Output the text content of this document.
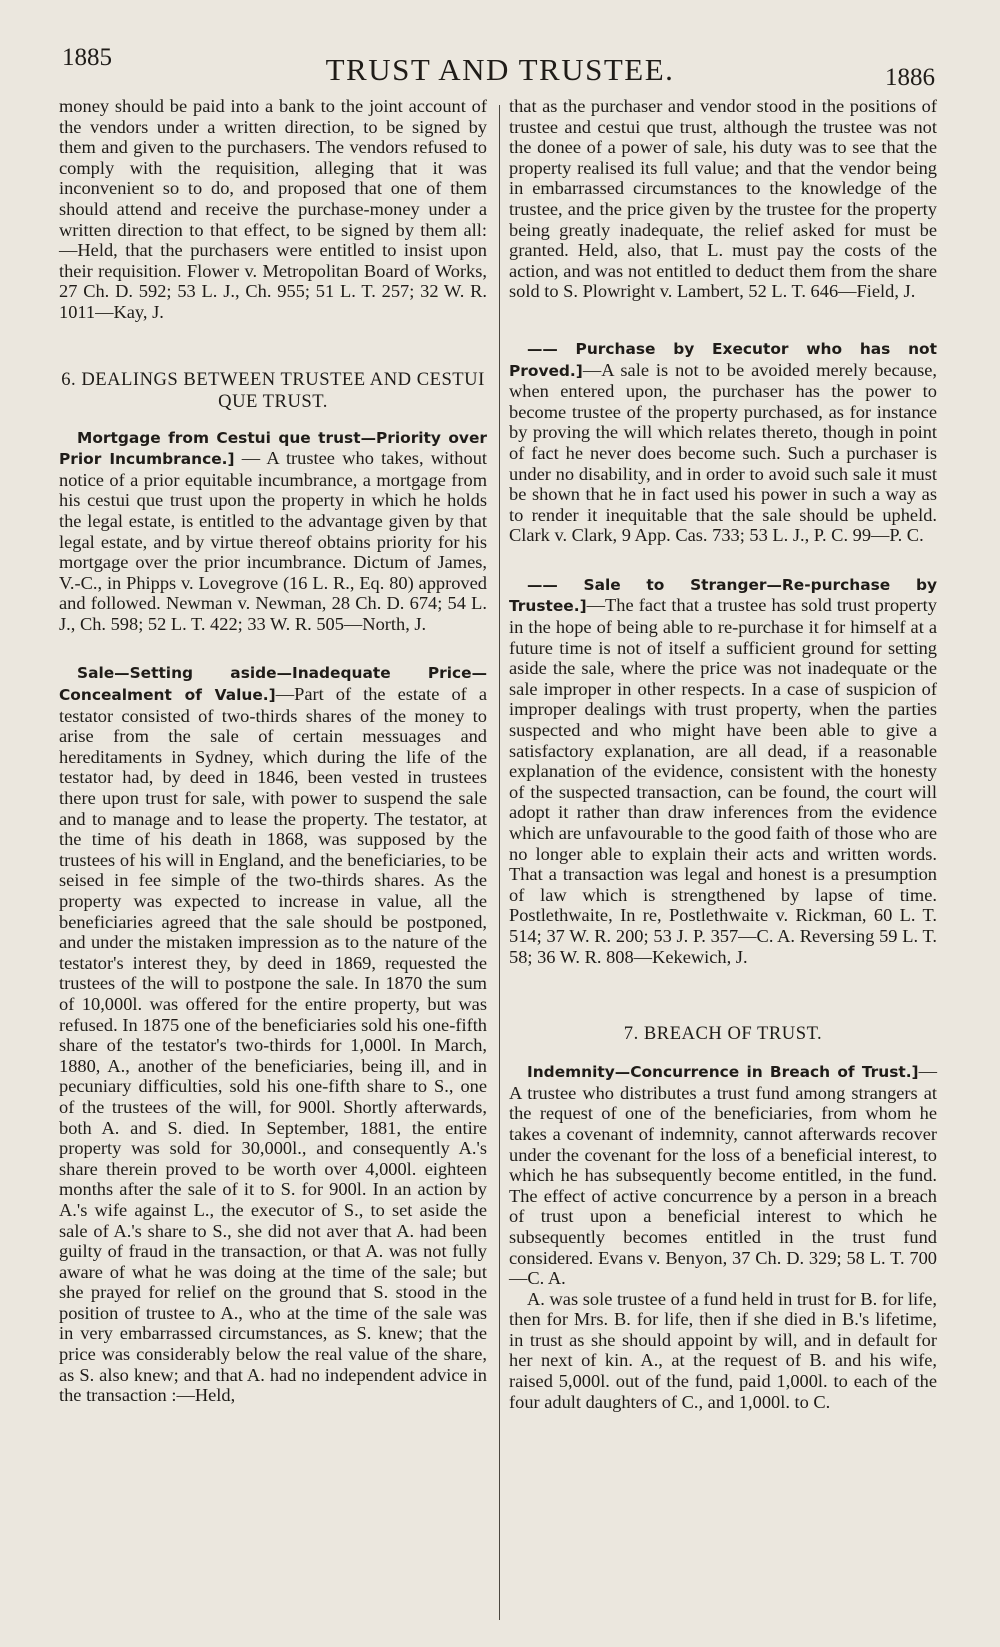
1885	TRUST AND TRUSTEE.	1886

money should be paid into a bank to the joint account of the vendors under a written direction, to be signed by them and given to the purchasers. The vendors refused to comply with the requisition, alleging that it was inconvenient so to do, and proposed that one of them should attend and receive the purchase-money under a written direction to that effect, to be signed by them all: —Held, that the purchasers were entitled to insist upon their requisition. Flower v. Metropolitan Board of Works, 27 Ch. D. 592; 53 L. J., Ch. 955; 51 L. T. 257; 32 W. R. 1011—Kay, J.

6. DEALINGS BETWEEN TRUSTEE AND CESTUI QUE TRUST.

Mortgage from Cestui que trust—Priority over Prior Incumbrance.] — A trustee who takes, without notice of a prior equitable incumbrance, a mortgage from his cestui que trust upon the property in which he holds the legal estate, is entitled to the advantage given by that legal estate, and by virtue thereof obtains priority for his mortgage over the prior incumbrance. Dictum of James, V.-C., in Phipps v. Lovegrove (16 L. R., Eq. 80) approved and followed. Newman v. Newman, 28 Ch. D. 674; 54 L. J., Ch. 598; 52 L. T. 422; 33 W. R. 505—North, J.

Sale—Setting aside—Inadequate Price—Concealment of Value.]—Part of the estate of a testator consisted of two-thirds shares of the money to arise from the sale of certain messuages and hereditaments in Sydney, which during the life of the testator had, by deed in 1846, been vested in trustees there upon trust for sale, with power to suspend the sale and to manage and to lease the property. The testator, at the time of his death in 1868, was supposed by the trustees of his will in England, and the beneficiaries, to be seised in fee simple of the two-thirds shares. As the property was expected to increase in value, all the beneficiaries agreed that the sale should be postponed, and under the mistaken impression as to the nature of the testator's interest they, by deed in 1869, requested the trustees of the will to postpone the sale. In 1870 the sum of 10,000l. was offered for the entire property, but was refused. In 1875 one of the beneficiaries sold his one-fifth share of the testator's two-thirds for 1,000l. In March, 1880, A., another of the beneficiaries, being ill, and in pecuniary difficulties, sold his one-fifth share to S., one of the trustees of the will, for 900l. Shortly afterwards, both A. and S. died. In September, 1881, the entire property was sold for 30,000l., and consequently A.'s share therein proved to be worth over 4,000l. eighteen months after the sale of it to S. for 900l. In an action by A.'s wife against L., the executor of S., to set aside the sale of A.'s share to S., she did not aver that A. had been guilty of fraud in the transaction, or that A. was not fully aware of what he was doing at the time of the sale; but she prayed for relief on the ground that S. stood in the position of trustee to A., who at the time of the sale was in very embarrassed circumstances, as S. knew; that the price was considerably below the real value of the share, as S. also knew; and that A. had no independent advice in the transaction :—Held,

that as the purchaser and vendor stood in the positions of trustee and cestui que trust, although the trustee was not the donee of a power of sale, his duty was to see that the property realised its full value; and that the vendor being in embarrassed circumstances to the knowledge of the trustee, and the price given by the trustee for the property being greatly inadequate, the relief asked for must be granted. Held, also, that L. must pay the costs of the action, and was not entitled to deduct them from the share sold to S. Plowright v. Lambert, 52 L. T. 646—Field, J.

—— Purchase by Executor who has not Proved.]—A sale is not to be avoided merely because, when entered upon, the purchaser has the power to become trustee of the property purchased, as for instance by proving the will which relates thereto, though in point of fact he never does become such. Such a purchaser is under no disability, and in order to avoid such sale it must be shown that he in fact used his power in such a way as to render it inequitable that the sale should be upheld. Clark v. Clark, 9 App. Cas. 733; 53 L. J., P. C. 99—P. C.

—— Sale to Stranger—Re-purchase by Trustee.]—The fact that a trustee has sold trust property in the hope of being able to re-purchase it for himself at a future time is not of itself a sufficient ground for setting aside the sale, where the price was not inadequate or the sale improper in other respects. In a case of suspicion of improper dealings with trust property, when the parties suspected and who might have been able to give a satisfactory explanation, are all dead, if a reasonable explanation of the evidence, consistent with the honesty of the suspected transaction, can be found, the court will adopt it rather than draw inferences from the evidence which are unfavourable to the good faith of those who are no longer able to explain their acts and written words. That a transaction was legal and honest is a presumption of law which is strengthened by lapse of time. Postlethwaite, In re, Postlethwaite v. Rickman, 60 L. T. 514; 37 W. R. 200; 53 J. P. 357—C. A. Reversing 59 L. T. 58; 36 W. R. 808—Kekewich, J.

7. BREACH OF TRUST.

Indemnity—Concurrence in Breach of Trust.]—A trustee who distributes a trust fund among strangers at the request of one of the beneficiaries, from whom he takes a covenant of indemnity, cannot afterwards recover under the covenant for the loss of a beneficial interest, to which he has subsequently become entitled, in the fund. The effect of active concurrence by a person in a breach of trust upon a beneficial interest to which he subsequently becomes entitled in the trust fund considered. Evans v. Benyon, 37 Ch. D. 329; 58 L. T. 700—C. A.

A. was sole trustee of a fund held in trust for B. for life, then for Mrs. B. for life, then if she died in B.'s lifetime, in trust as she should appoint by will, and in default for her next of kin. A., at the request of B. and his wife, raised 5,000l. out of the fund, paid 1,000l. to each of the four adult daughters of C., and 1,000l. to C.
